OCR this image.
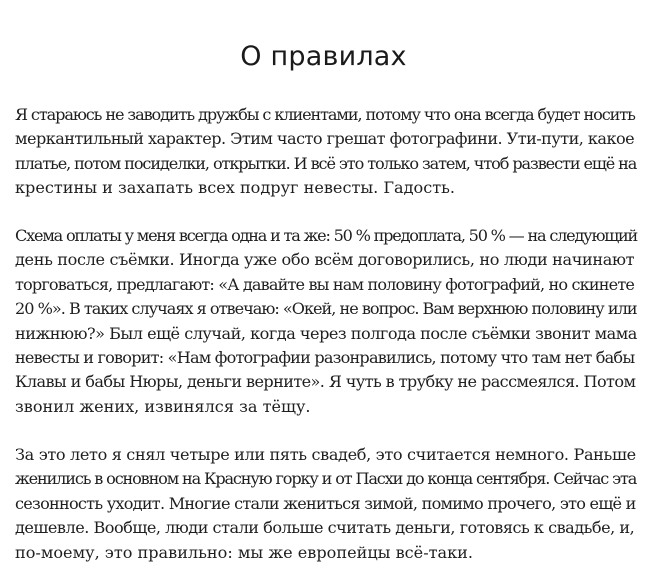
О правилах
Я стараюсь не заводить дружбы с клиентами, потому что она всегда будет носить
меркантильный характер. Этим часто грешат фотографини. Ути-пути, какое
платье, потом посиделки, открытки. И всё это только затем, чтоб развести ещё на
крестины и захапать всех подруг невесты. Гадость.
Схема оплаты у меня всегда одна и та же: 50 % предоплата, 50 % — на следующий
день после съёмки. Иногда уже обо всём договорились, но люди начинают
торговаться, предлагают: «А давайте вы нам половину фотографий, но скинете
20 %». В таких случаях я отвечаю: «Окей, не вопрос. Вам верхнюю половину или
нижнюю?» Был ещё случай, когда через полгода после съёмки звонит мама
невесты и говорит: «Нам фотографии разонравились, потому что там нет бабы
Клавы и бабы Нюры, деньги верните». Я чуть в трубку не рассмеялся. Потом
звонил жених, извинялся за тёщу.
За это лето я снял четыре или пять свадеб, это считается немного. Раньше
женились в основном на Красную горку и от Пасхи до конца сентября. Сейчас эта
сезонность уходит. Многие стали жениться зимой, помимо прочего, это ещё и
дешевле. Вообще, люди стали больше считать деньги, готовясь к свадьбе, и,
по-моему, это правильно: мы же европейцы всё-таки.
